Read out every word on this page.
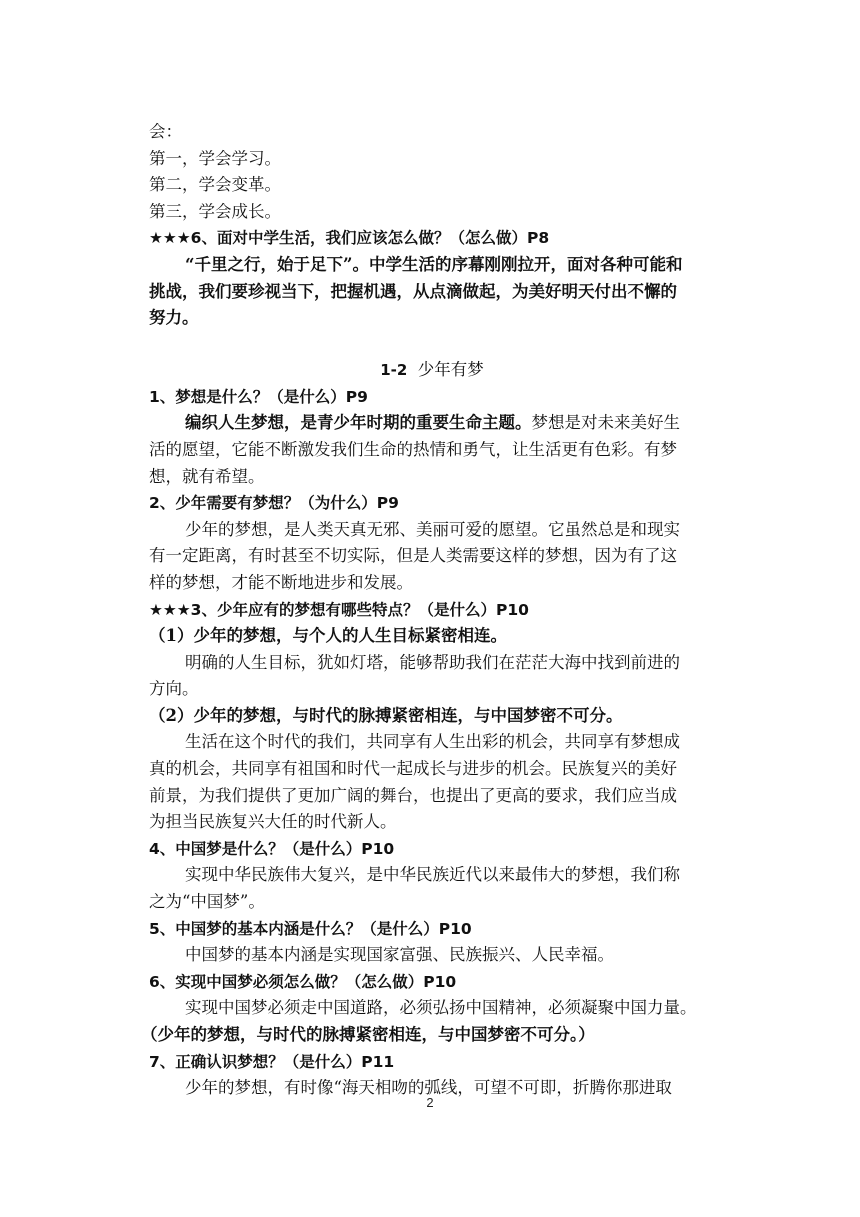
会：
第一，学会学习。
第二，学会变革。
第三，学会成长。
★★★6、面对中学生活，我们应该怎么做？（怎么做）P8
“千里之行，始于足下”。中学生活的序幕刚刚拉开，面对各种可能和
挑战，我们要珍视当下，把握机遇，从点滴做起，为美好明天付出不懈的
努力。
1-2 少年有梦
1、梦想是什么？（是什么）P9
编织人生梦想，是青少年时期的重要生命主题。梦想是对未来美好生
活的愿望，它能不断激发我们生命的热情和勇气，让生活更有色彩。有梦
想，就有希望。
2、少年需要有梦想？（为什么）P9
少年的梦想，是人类天真无邪、美丽可爱的愿望。它虽然总是和现实
有一定距离，有时甚至不切实际，但是人类需要这样的梦想，因为有了这
样的梦想，才能不断地进步和发展。
★★★3、少年应有的梦想有哪些特点？（是什么）P10
（1）少年的梦想，与个人的人生目标紧密相连。
明确的人生目标，犹如灯塔，能够帮助我们在茫茫大海中找到前进的
方向。
（2）少年的梦想，与时代的脉搏紧密相连，与中国梦密不可分。
生活在这个时代的我们，共同享有人生出彩的机会，共同享有梦想成
真的机会，共同享有祖国和时代一起成长与进步的机会。民族复兴的美好
前景，为我们提供了更加广阔的舞台，也提出了更高的要求，我们应当成
为担当民族复兴大任的时代新人。
4、中国梦是什么？（是什么）P10
实现中华民族伟大复兴，是中华民族近代以来最伟大的梦想，我们称
之为“中国梦”。
5、中国梦的基本内涵是什么？（是什么）P10
中国梦的基本内涵是实现国家富强、民族振兴、人民幸福。
6、实现中国梦必须怎么做？（怎么做）P10
实现中国梦必须走中国道路，必须弘扬中国精神，必须凝聚中国力量。
（少年的梦想，与时代的脉搏紧密相连，与中国梦密不可分。）
7、正确认识梦想？（是什么）P11
少年的梦想，有时像“海天相吻的弧线，可望不可即，折腾你那进取
2
